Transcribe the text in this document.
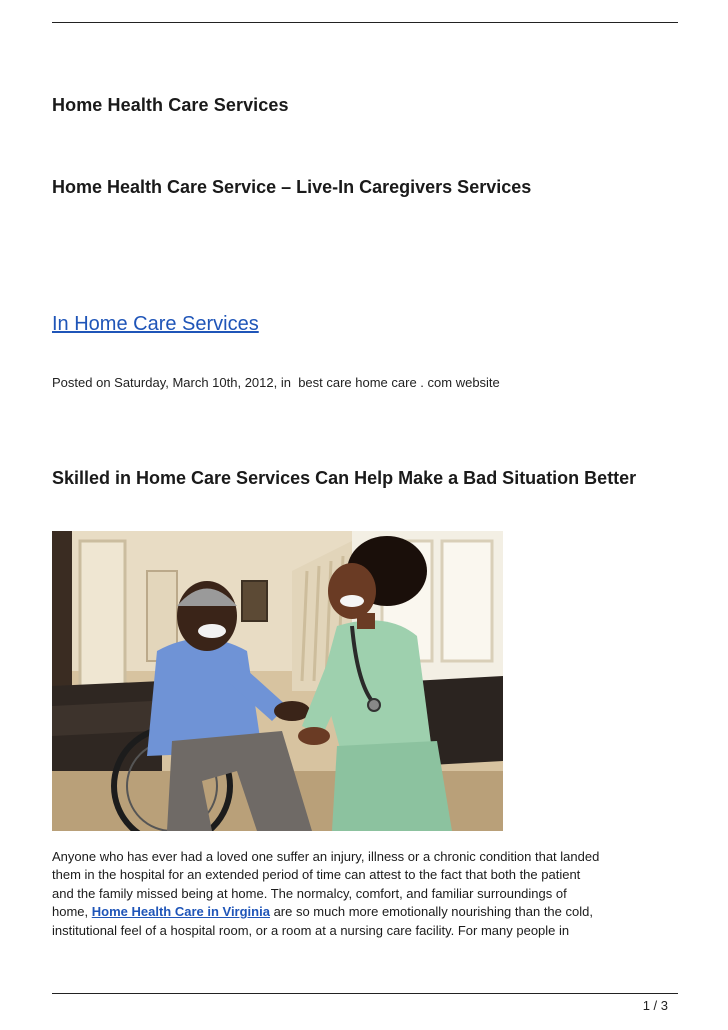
Home Health Care Services
Home Health Care Service – Live-In Caregivers Services
In Home Care Services
Posted on Saturday, March 10th, 2012, in  best care home care . com website
Skilled in Home Care Services Can Help Make a Bad Situation Better

Anyone who has ever had a loved one suffer an injury, illness or a chronic condition that landed
them in the hospital for an extended period of time can attest to the fact that both the patient
and the family missed being at home. The normalcy, comfort, and familiar surroundings of
home, Home Health Care in Virginia are so much more emotionally nourishing than the cold,
institutional feel of a hospital room, or a room at a nursing care facility. For many people in

1 / 3
